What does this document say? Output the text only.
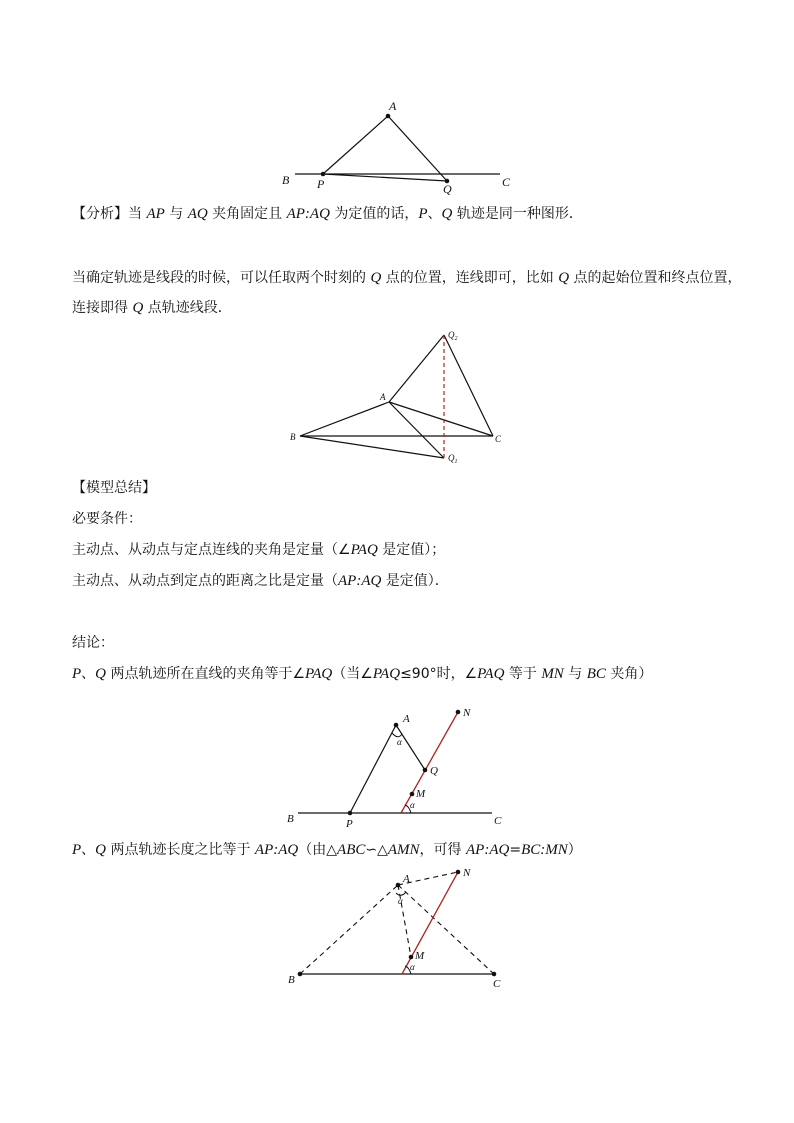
A
B P	Q	C
【分析】当 AP 与 AQ 夹角固定且 AP:AQ 为定值的话，P、Q 轨迹是同一种图形．
当确定轨迹是线段的时候，可以任取两个时刻的 Q 点的位置，连线即可，比如 Q 点的起始位置和终点位置，
连接即得 Q 点轨迹线段．
$Q_2$
A
B	C
$Q_1$
【模型总结】
必要条件：
主动点、从动点与定点连线的夹角是定量（∠PAQ 是定值）；
主动点、从动点到定点的距离之比是定量（AP:AQ 是定值）．
结论：
P、Q 两点轨迹所在直线的夹角等于∠PAQ（当∠PAQ≤90°时，∠PAQ 等于 MN 与 BC 夹角）
A	N
α
Q
M
α
B	P	C
P、Q 两点轨迹长度之比等于 AP:AQ（由△ABC∽△AMN，可得 AP:AQ=BC:MN）
A	N
α
M
α
B	C
